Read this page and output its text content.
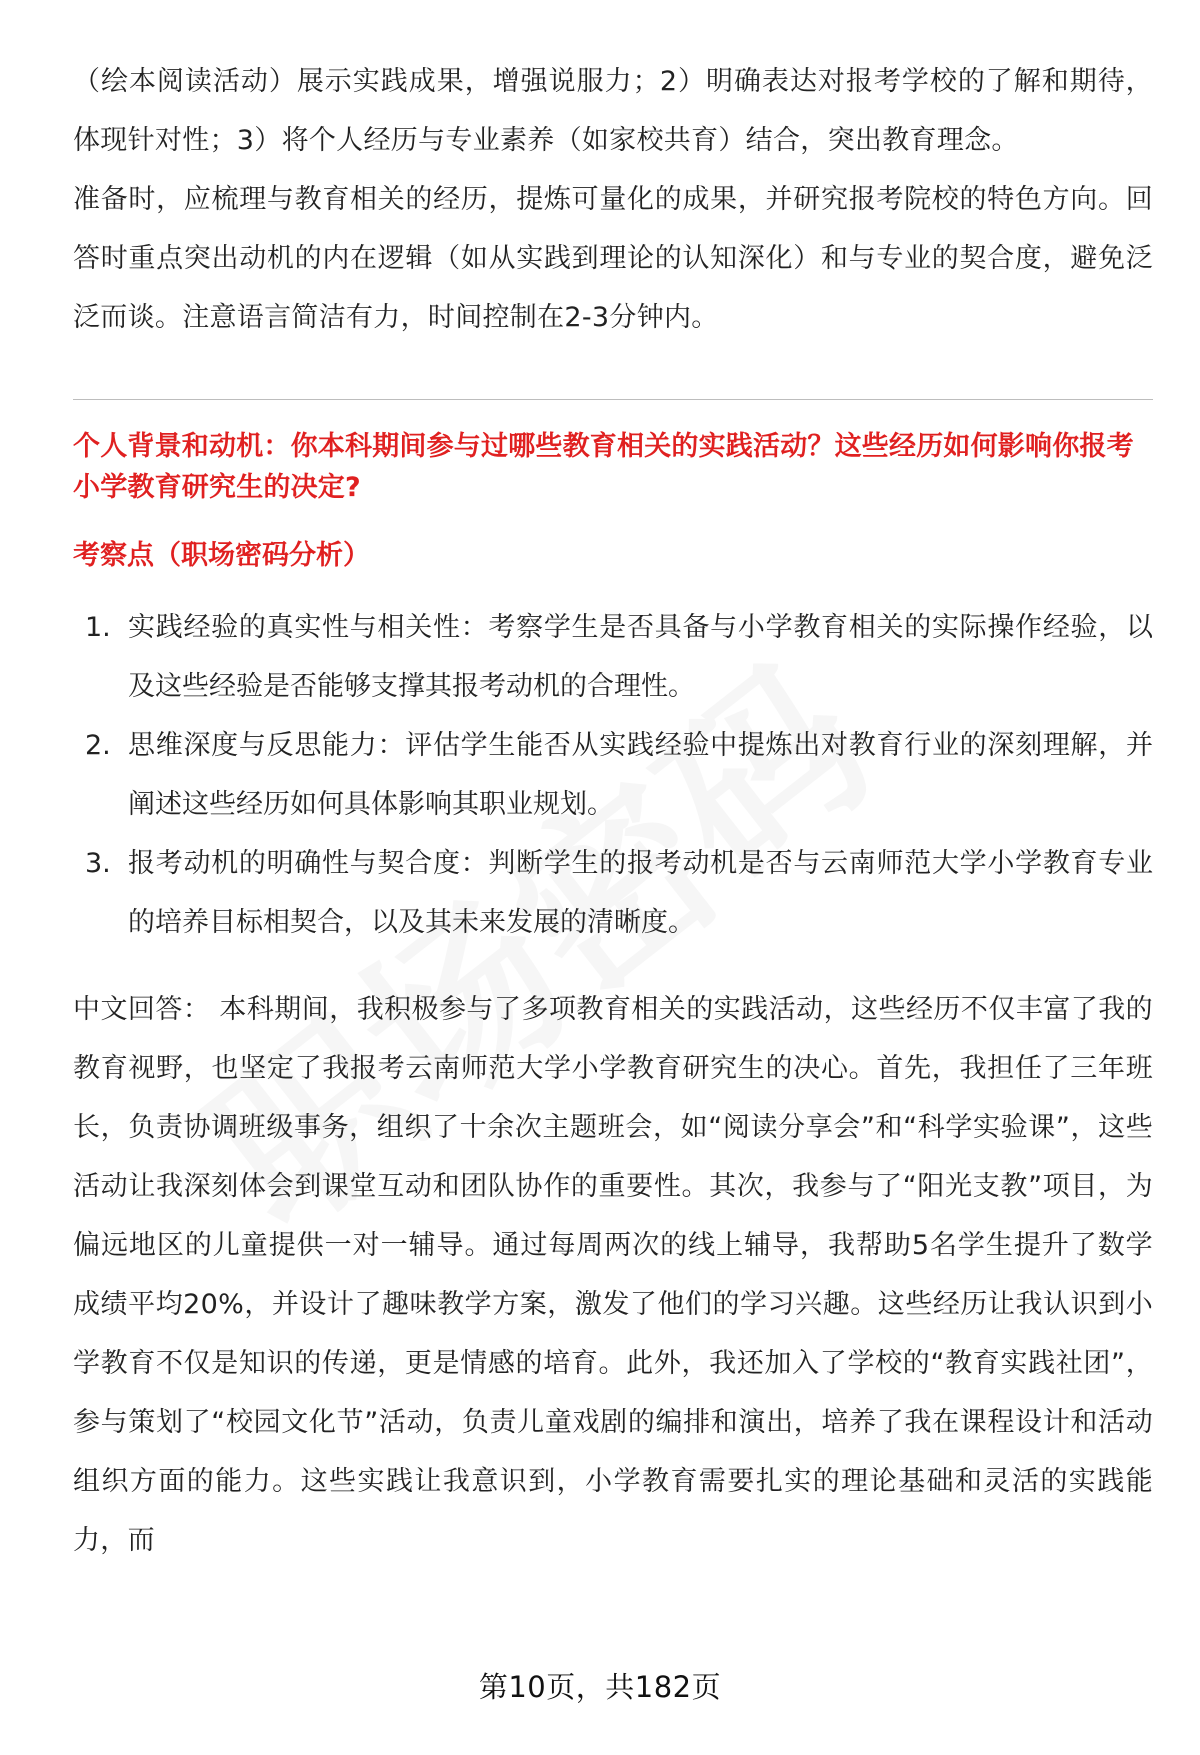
（绘本阅读活动）展示实践成果，增强说服力；2）明确表达对报考学校的了解和期待，体现针对性；3）将个人经历与专业素养（如家校共育）结合，突出教育理念。

准备时，应梳理与教育相关的经历，提炼可量化的成果，并研究报考院校的特色方向。回答时重点突出动机的内在逻辑（如从实践到理论的认知深化）和与专业的契合度，避免泛泛而谈。注意语言简洁有力，时间控制在2-3分钟内。

个人背景和动机：你本科期间参与过哪些教育相关的实践活动？这些经历如何影响你报考小学教育研究生的决定?

考察点（职场密码分析）

1. 实践经验的真实性与相关性：考察学生是否具备与小学教育相关的实际操作经验，以及这些经验是否能够支撑其报考动机的合理性。
2. 思维深度与反思能力：评估学生能否从实践经验中提炼出对教育行业的深刻理解，并阐述这些经历如何具体影响其职业规划。
3. 报考动机的明确性与契合度：判断学生的报考动机是否与云南师范大学小学教育专业的培养目标相契合，以及其未来发展的清晰度。

中文回答： 本科期间，我积极参与了多项教育相关的实践活动，这些经历不仅丰富了我的教育视野，也坚定了我报考云南师范大学小学教育研究生的决心。首先，我担任了三年班长，负责协调班级事务，组织了十余次主题班会，如“阅读分享会”和“科学实验课”，这些活动让我深刻体会到课堂互动和团队协作的重要性。其次，我参与了“阳光支教”项目，为偏远地区的儿童提供一对一辅导。通过每周两次的线上辅导，我帮助5名学生提升了数学成绩平均20%，并设计了趣味教学方案，激发了他们的学习兴趣。这些经历让我认识到小学教育不仅是知识的传递，更是情感的培育。此外，我还加入了学校的“教育实践社团”，参与策划了“校园文化节”活动，负责儿童戏剧的编排和演出，培养了我在课程设计和活动组织方面的能力。这些实践让我意识到，小学教育需要扎实的理论基础和灵活的实践能力，而

第10页，共182页
